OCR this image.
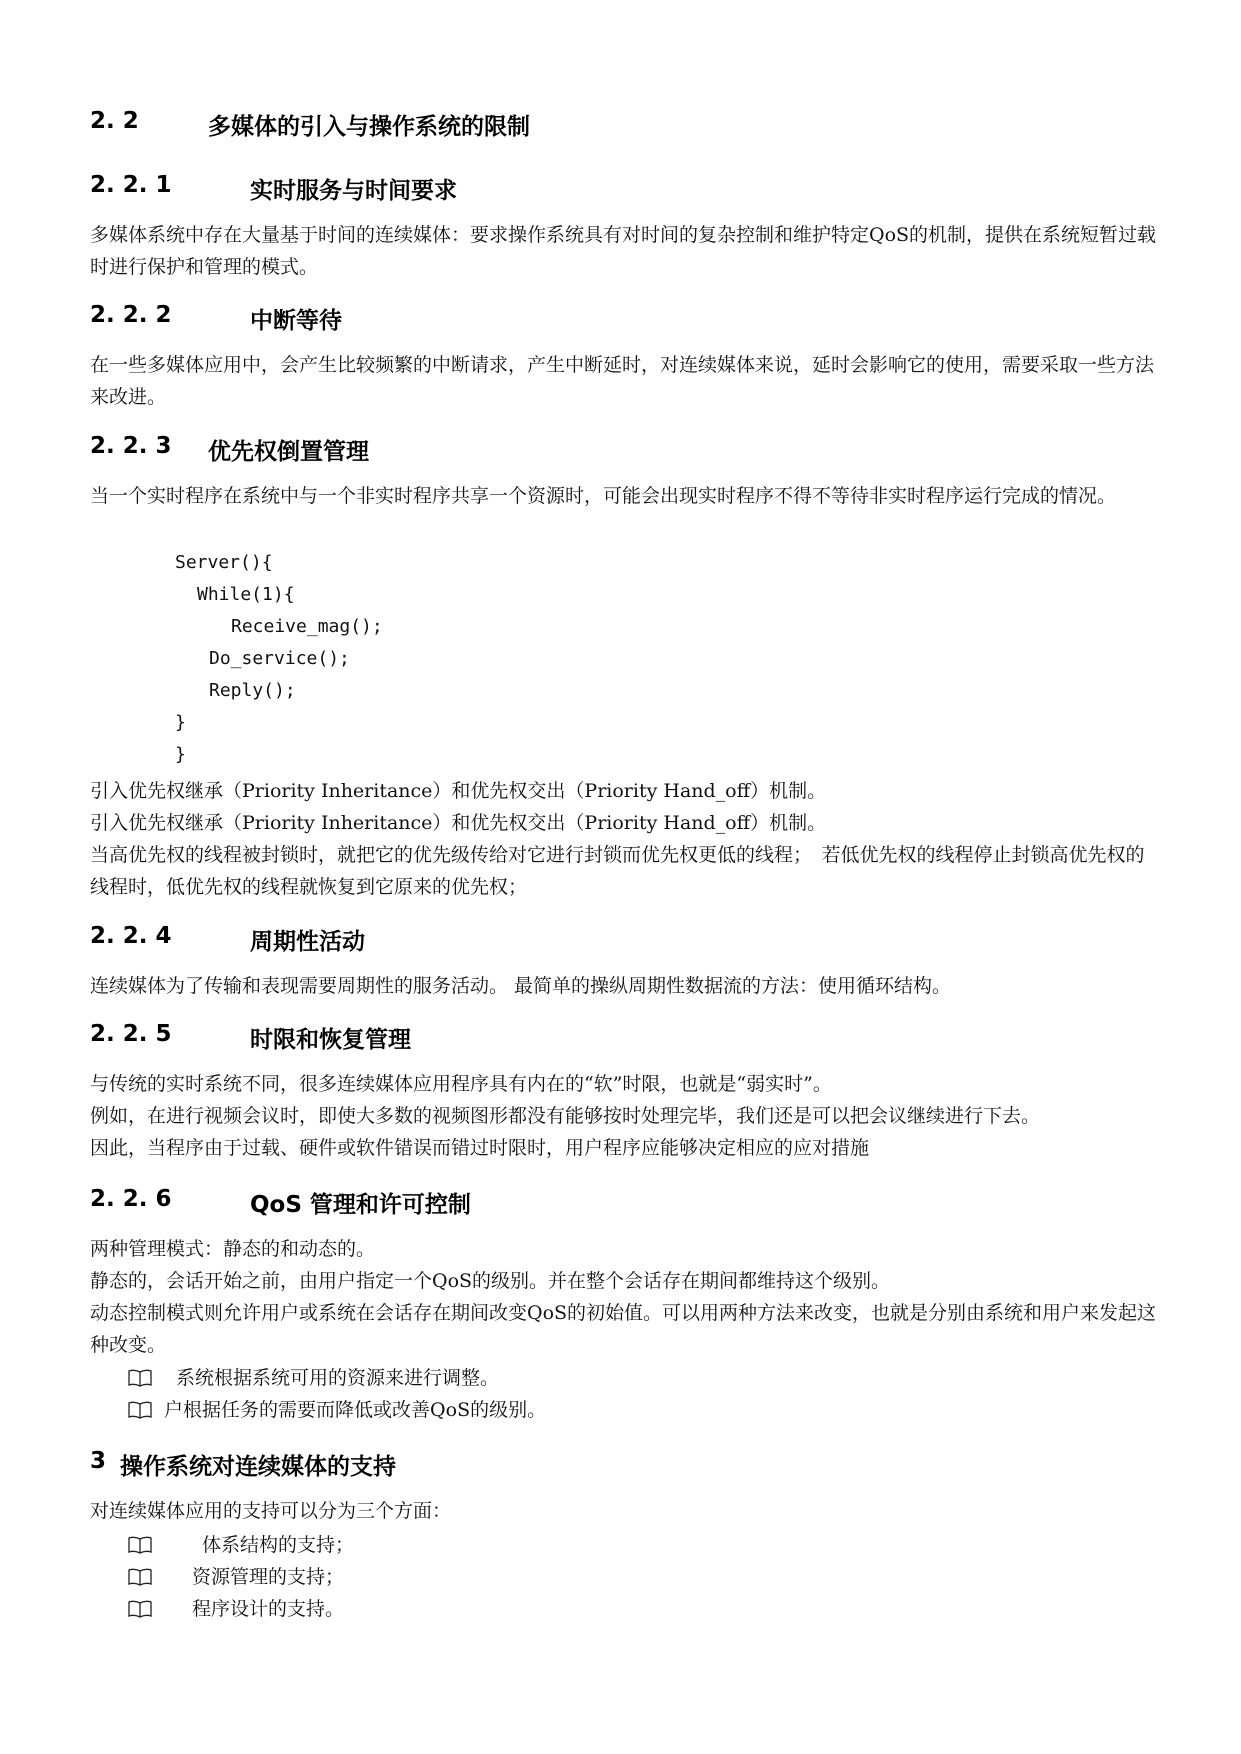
2. 2	多媒体的引入与操作系统的限制
2. 2. 1	实时服务与时间要求
多媒体系统中存在大量基于时间的连续媒体：要求操作系统具有对时间的复杂控制和维护特定QoS的机制，提供在系统短暂过载时进行保护和管理的模式。
2. 2. 2	中断等待
在一些多媒体应用中，会产生比较频繁的中断请求，产生中断延时，对连续媒体来说，延时会影响它的使用，需要采取一些方法来改进。
2. 2. 3 优先权倒置管理
当一个实时程序在系统中与一个非实时程序共享一个资源时，可能会出现实时程序不得不等待非实时程序运行完成的情况。
Server(){
While(1){
Receive_mag();
Do_service();
Reply();
}
}
引入优先权继承（Priority Inheritance）和优先权交出（Priority Hand_off）机制。
引入优先权继承（Priority Inheritance）和优先权交出（Priority Hand_off）机制。
当高优先权的线程被封锁时，就把它的优先级传给对它进行封锁而优先权更低的线程；　若低优先权的线程停止封锁高优先权的线程时，低优先权的线程就恢复到它原来的优先权；
2. 2. 4	周期性活动
连续媒体为了传输和表现需要周期性的服务活动。 最简单的操纵周期性数据流的方法：使用循环结构。
2. 2. 5	时限和恢复管理
与传统的实时系统不同，很多连续媒体应用程序具有内在的“软”时限，也就是“弱实时”。
例如，在进行视频会议时，即使大多数的视频图形都没有能够按时处理完毕，我们还是可以把会议继续进行下去。
因此，当程序由于过载、硬件或软件错误而错过时限时，用户程序应能够决定相应的应对措施
2. 2. 6	QoS 管理和许可控制
两种管理模式：静态的和动态的。
静态的，会话开始之前，由用户指定一个QoS的级别。并在整个会话存在期间都维持这个级别。
动态控制模式则允许用户或系统在会话存在期间改变QoS的初始值。可以用两种方法来改变，也就是分别由系统和用户来发起这种改变。
系统根据系统可用的资源来进行调整。
户根据任务的需要而降低或改善QoS的级别。
3 操作系统对连续媒体的支持
对连续媒体应用的支持可以分为三个方面：
体系结构的支持；
资源管理的支持；
程序设计的支持。
